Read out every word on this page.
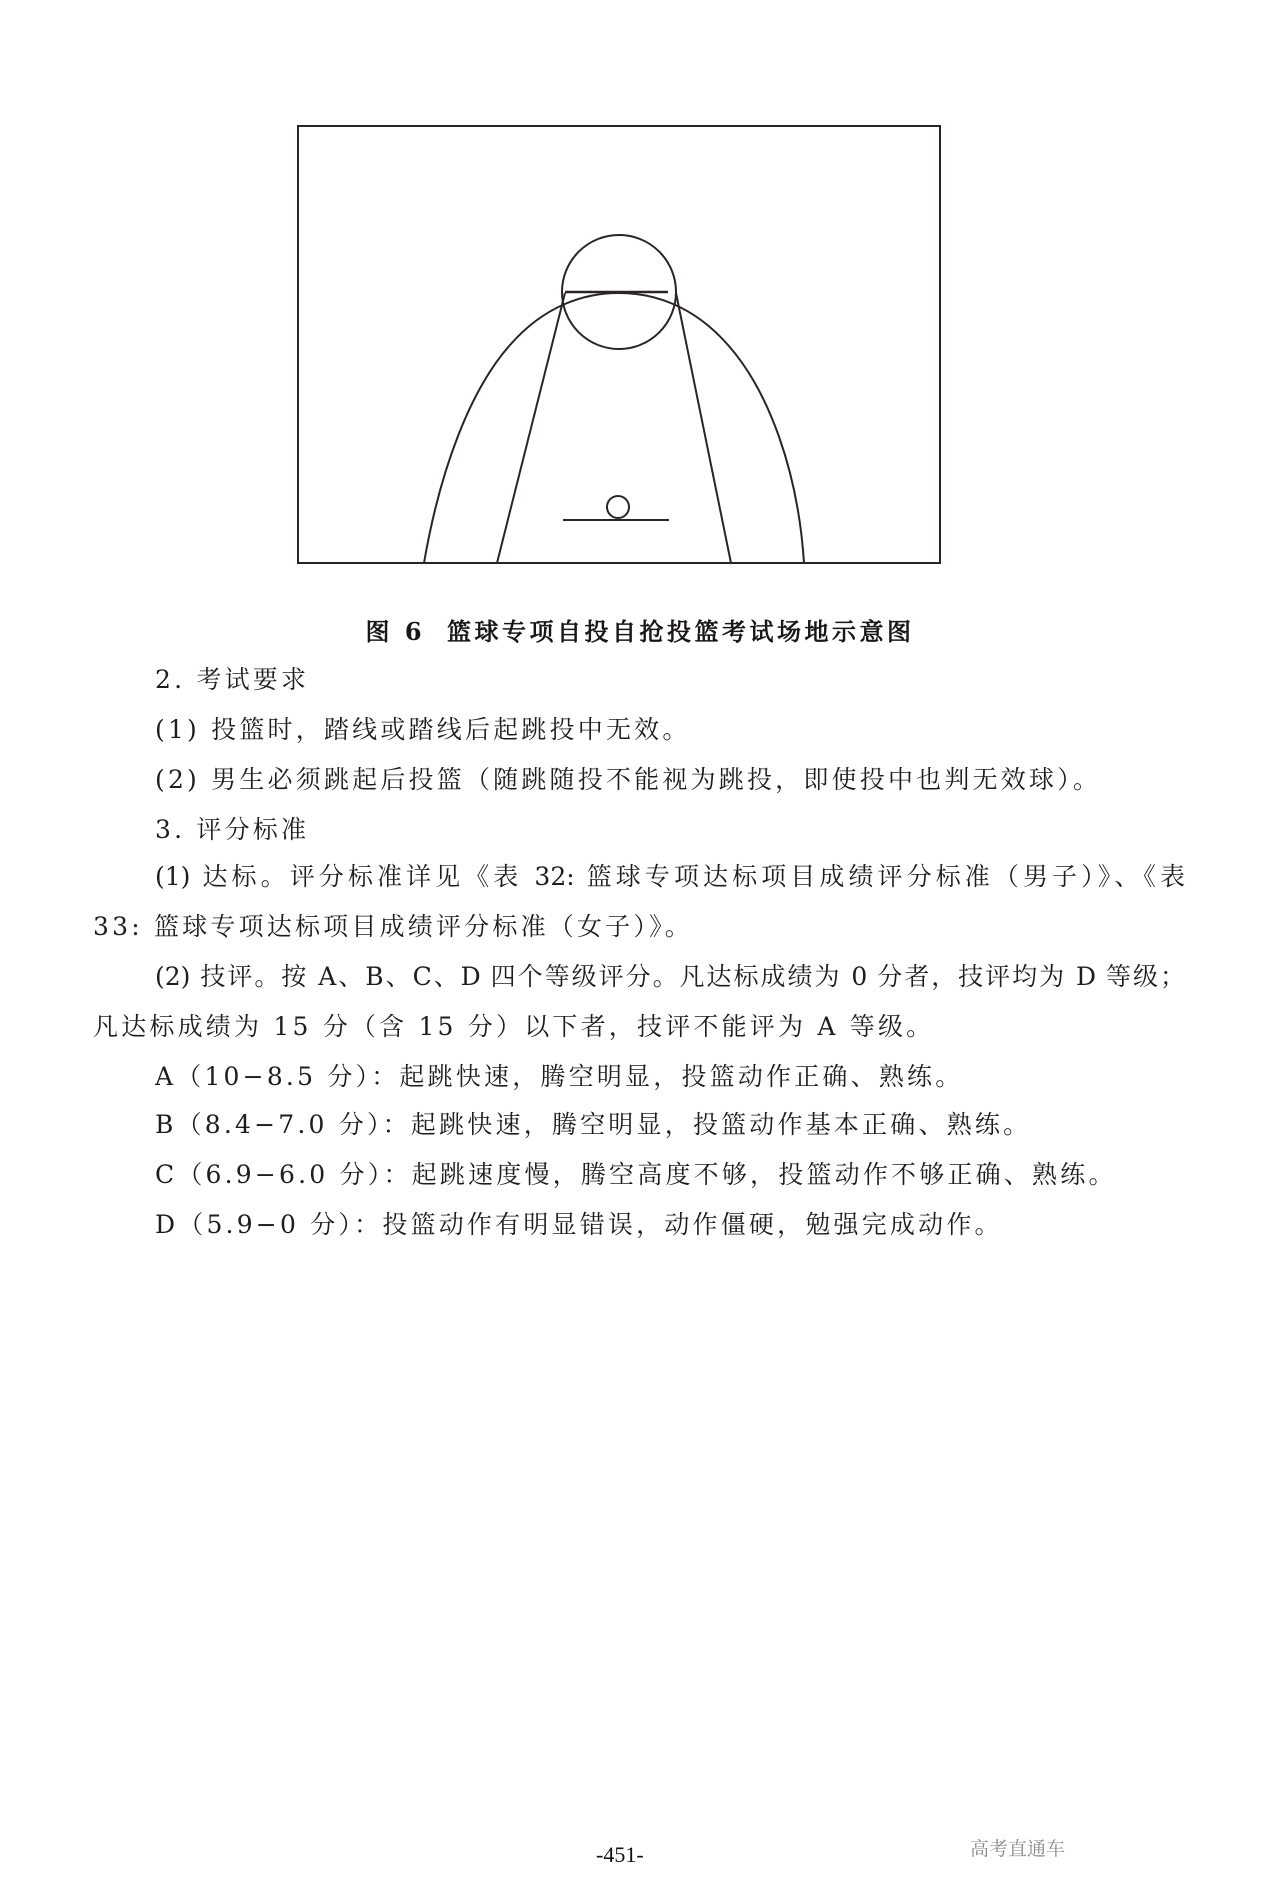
图 6 篮球专项自投自抢投篮考试场地示意图
2. 考试要求
(1) 投篮时，踏线或踏线后起跳投中无效。
(2) 男生必须跳起后投篮（随跳随投不能视为跳投，即使投中也判无效球）。
3. 评分标准
(1) 达标。评分标准详见《表 32: 篮球专项达标项目成绩评分标准（男子）》、《表
33: 篮球专项达标项目成绩评分标准（女子）》。
(2) 技评。按 A、B、C、D 四个等级评分。凡达标成绩为 0 分者，技评均为 D 等级；
凡达标成绩为 15 分（含 15 分）以下者，技评不能评为 A 等级。
A（10−8.5 分）：起跳快速，腾空明显，投篮动作正确、熟练。
B（8.4−7.0 分）：起跳快速，腾空明显，投篮动作基本正确、熟练。
C（6.9−6.0 分）：起跳速度慢，腾空高度不够，投篮动作不够正确、熟练。
D（5.9−0 分）：投篮动作有明显错误，动作僵硬，勉强完成动作。
-451-	高考直通车
